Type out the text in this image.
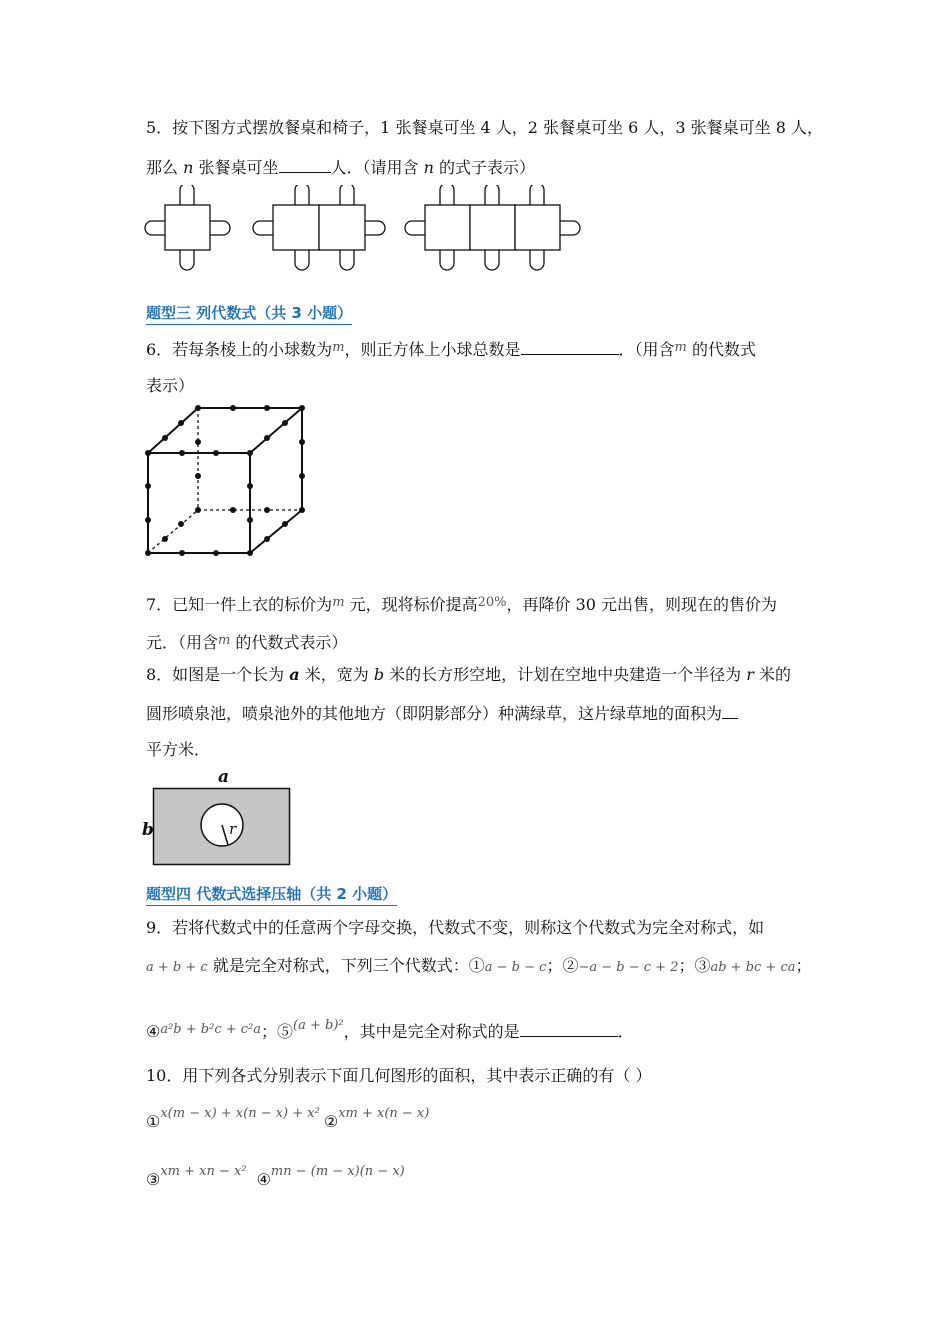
5．按下图方式摆放餐桌和椅子，1 张餐桌可坐 4 人，2 张餐桌可坐 6 人，3 张餐桌可坐 8 人，
那么 n 张餐桌可坐	人．（请用含 n 的式子表示）
题型三 列代数式（共 3 小题）
6．若每条棱上的小球数为$^m$，则正方体上小球总数是	．（用含$^m$ 的代数式
表示）
7．已知一件上衣的标价为$^m$ 元，现将标价提高$^{20\%}$，再降价 30 元出售，则现在的售价为
元．（用含$^m$ 的代数式表示）
8．如图是一个长为 a 米，宽为 b 米的长方形空地，计划在空地中央建造一个半径为 r 米的
圆形喷泉池，喷泉池外的其他地方（即阴影部分）种满绿草，这片绿草地的面积为
平方米．
a
b	r
题型四 代数式选择压轴（共 2 小题）
9．若将代数式中的任意两个字母交换，代数式不变，则称这个代数式为完全对称式，如
a + b + c 就是完全对称式，下列三个代数式：①a − b − c；②−a − b − c + 2；③ab + bc + ca；
④$^{a^2b + b^2c + c^2a}$；⑤$^{(a + b)^2}$，其中是完全对称式的是	．
10．用下列各式分别表示下面几何图形的面积，其中表示正确的有（ ）
①x(m − x) + x(n − x) + x² ②xm + x(n − x)
③xm + xn − x² ④mn − (m − x)(n − x)
